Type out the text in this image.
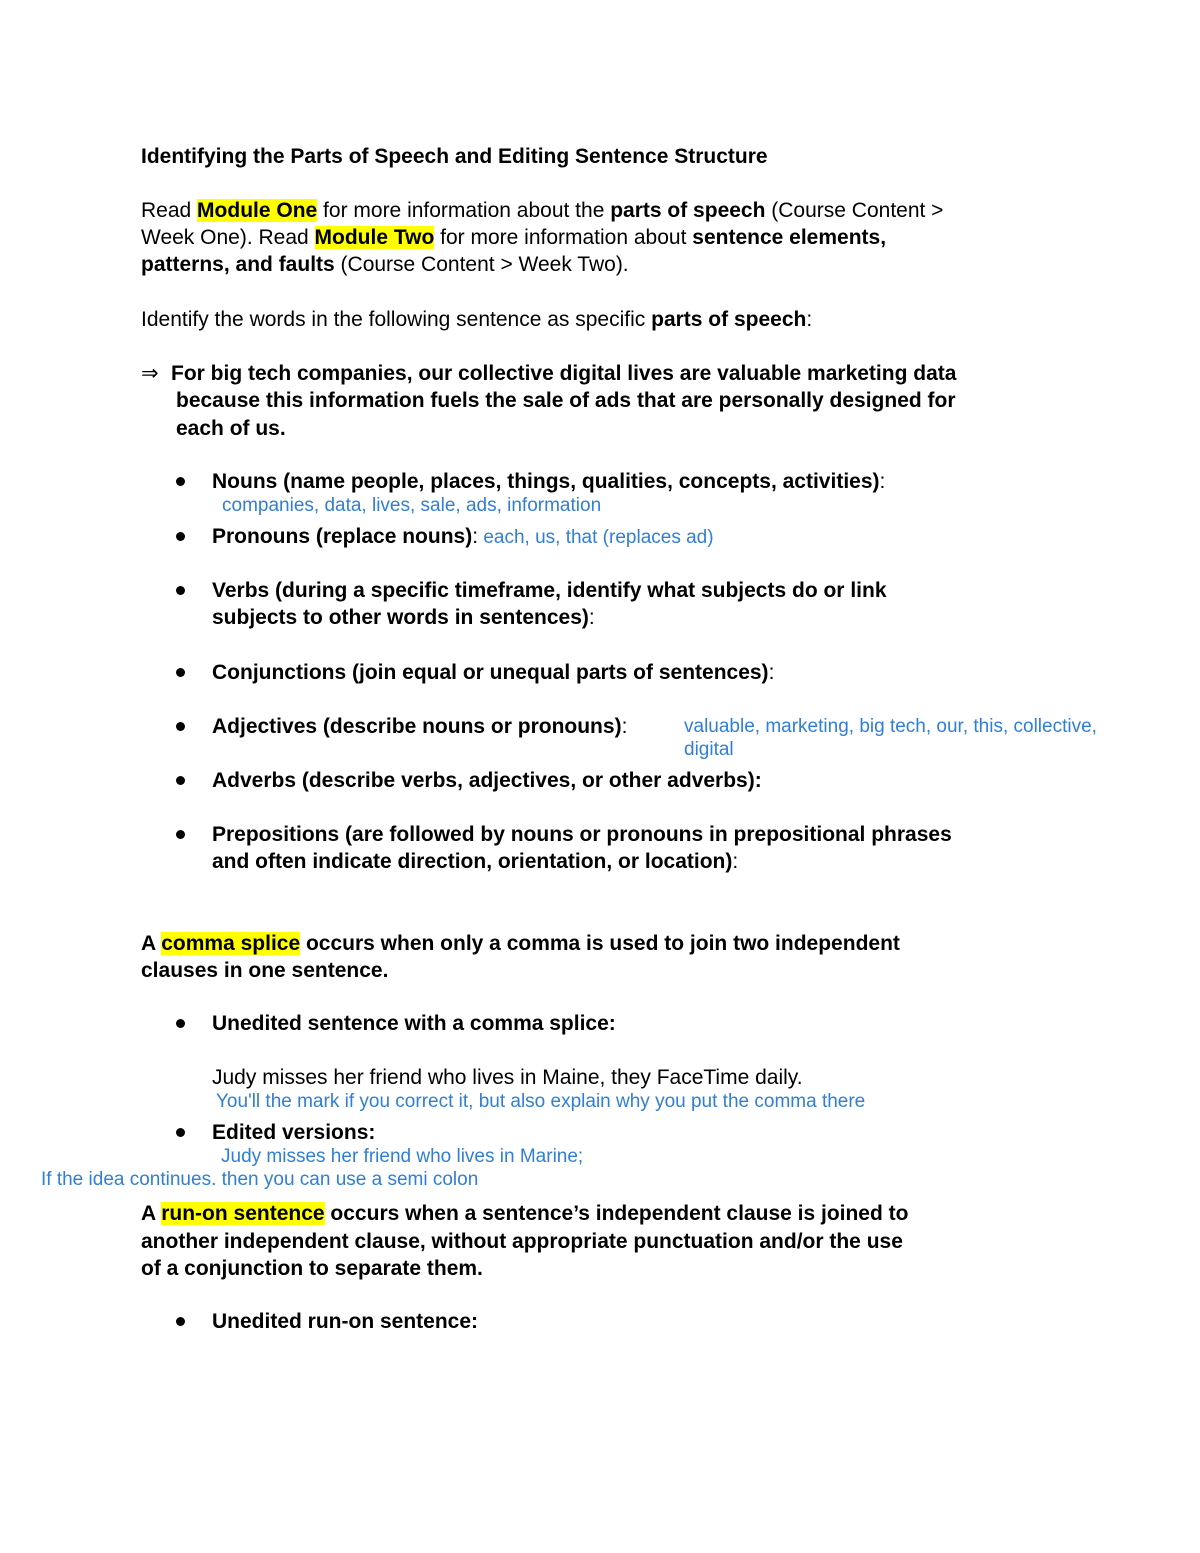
Identifying the Parts of Speech and Editing Sentence Structure
Read Module One for more information about the parts of speech (Course Content >
Week One). Read Module Two for more information about sentence elements,
patterns, and faults (Course Content > Week Two).
Identify the words in the following sentence as specific parts of speech:
⇒ For big tech companies, our collective digital lives are valuable marketing data
because this information fuels the sale of ads that are personally designed for
each of us.
Nouns (name people, places, things, qualities, concepts, activities):
companies, data, lives, sale, ads, information
Pronouns (replace nouns): each, us, that (replaces ad)
Verbs (during a specific timeframe, identify what subjects do or link
subjects to other words in sentences):
Conjunctions (join equal or unequal parts of sentences):
Adjectives (describe nouns or pronouns):	valuable, marketing, big tech, our, this, collective,
digital
Adverbs (describe verbs, adjectives, or other adverbs):
Prepositions (are followed by nouns or pronouns in prepositional phrases
and often indicate direction, orientation, or location):
A comma splice occurs when only a comma is used to join two independent
clauses in one sentence.
Unedited sentence with a comma splice:
Judy misses her friend who lives in Maine, they FaceTime daily.
You'll the mark if you correct it, but also explain why you put the comma there
Edited versions:
Judy misses her friend who lives in Marine;
If the idea continues. then you can use a semi colon
A run-on sentence occurs when a sentence’s independent clause is joined to
another independent clause, without appropriate punctuation and/or the use
of a conjunction to separate them.
Unedited run-on sentence:
